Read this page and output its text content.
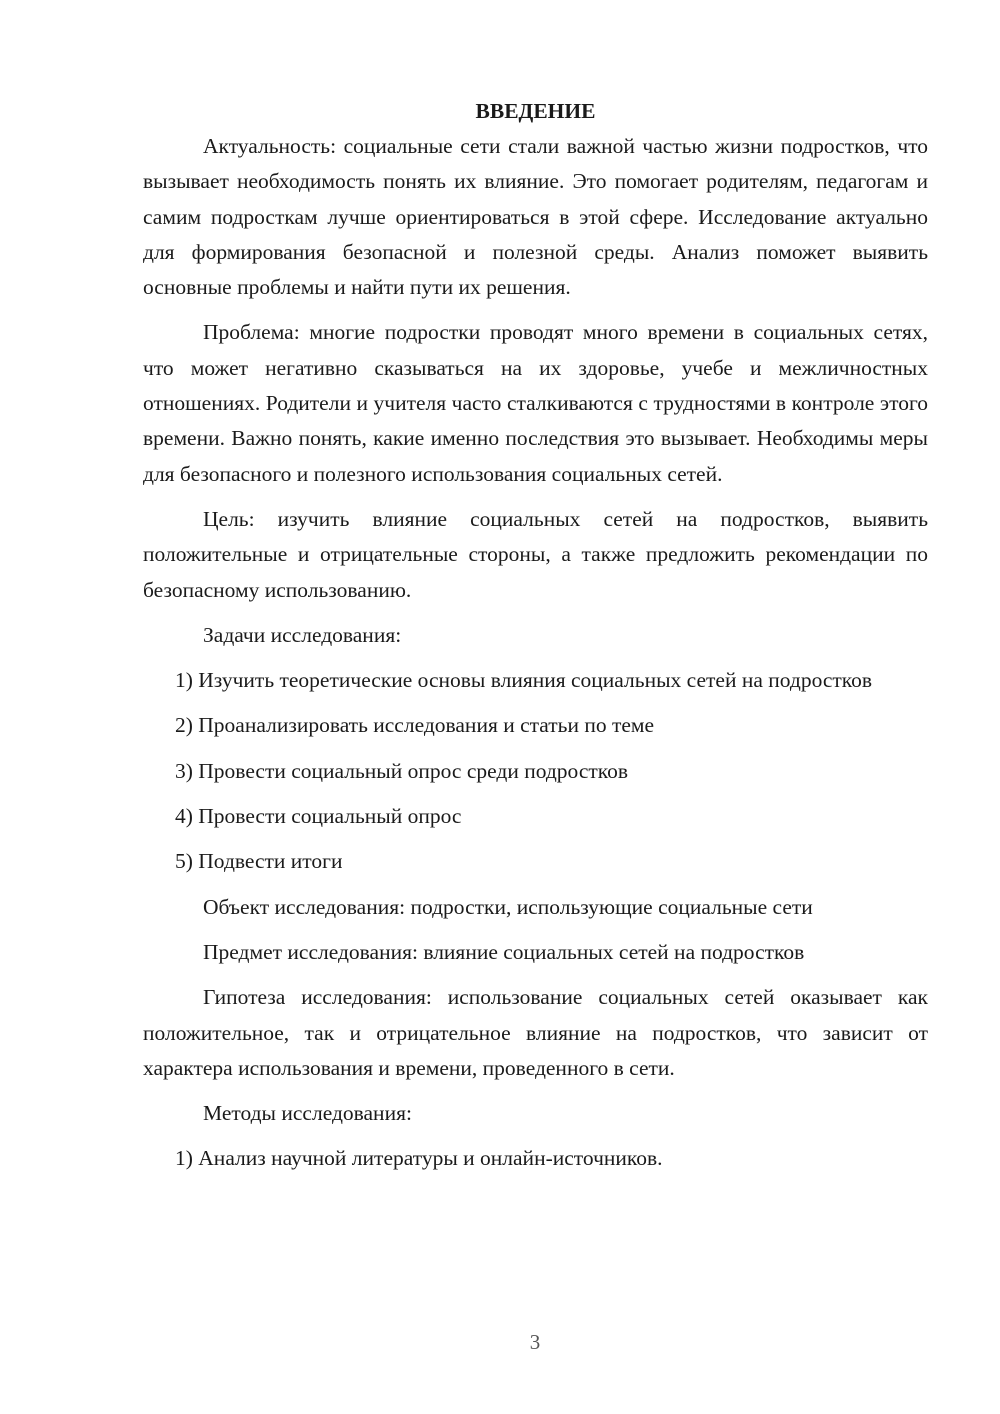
ВВЕДЕНИЕ

Актуальность: социальные сети стали важной частью жизни подростков, что вызывает необходимость понять их влияние. Это помогает родителям, педагогам и самим подросткам лучше ориентироваться в этой сфере. Исследование актуально для формирования безопасной и полезной среды. Анализ поможет выявить основные проблемы и найти пути их решения.

Проблема: многие подростки проводят много времени в социальных сетях, что может негативно сказываться на их здоровье, учебе и межличностных отношениях. Родители и учителя часто сталкиваются с трудностями в контроле этого времени. Важно понять, какие именно последствия это вызывает. Необходимы меры для безопасного и полезного использования социальных сетей.

Цель: изучить влияние социальных сетей на подростков, выявить положительные и отрицательные стороны, а также предложить рекомендации по безопасному использованию.

Задачи исследования:

1) Изучить теоретические основы влияния социальных сетей на подростков

2) Проанализировать исследования и статьи по теме

3) Провести социальный опрос среди подростков

4) Провести социальный опрос

5) Подвести итоги

Объект исследования: подростки, использующие социальные сети

Предмет исследования: влияние социальных сетей на подростков

Гипотеза исследования: использование социальных сетей оказывает как положительное, так и отрицательное влияние на подростков, что зависит от характера использования и времени, проведенного в сети.

Методы исследования:

1) Анализ научной литературы и онлайн-источников.

3
